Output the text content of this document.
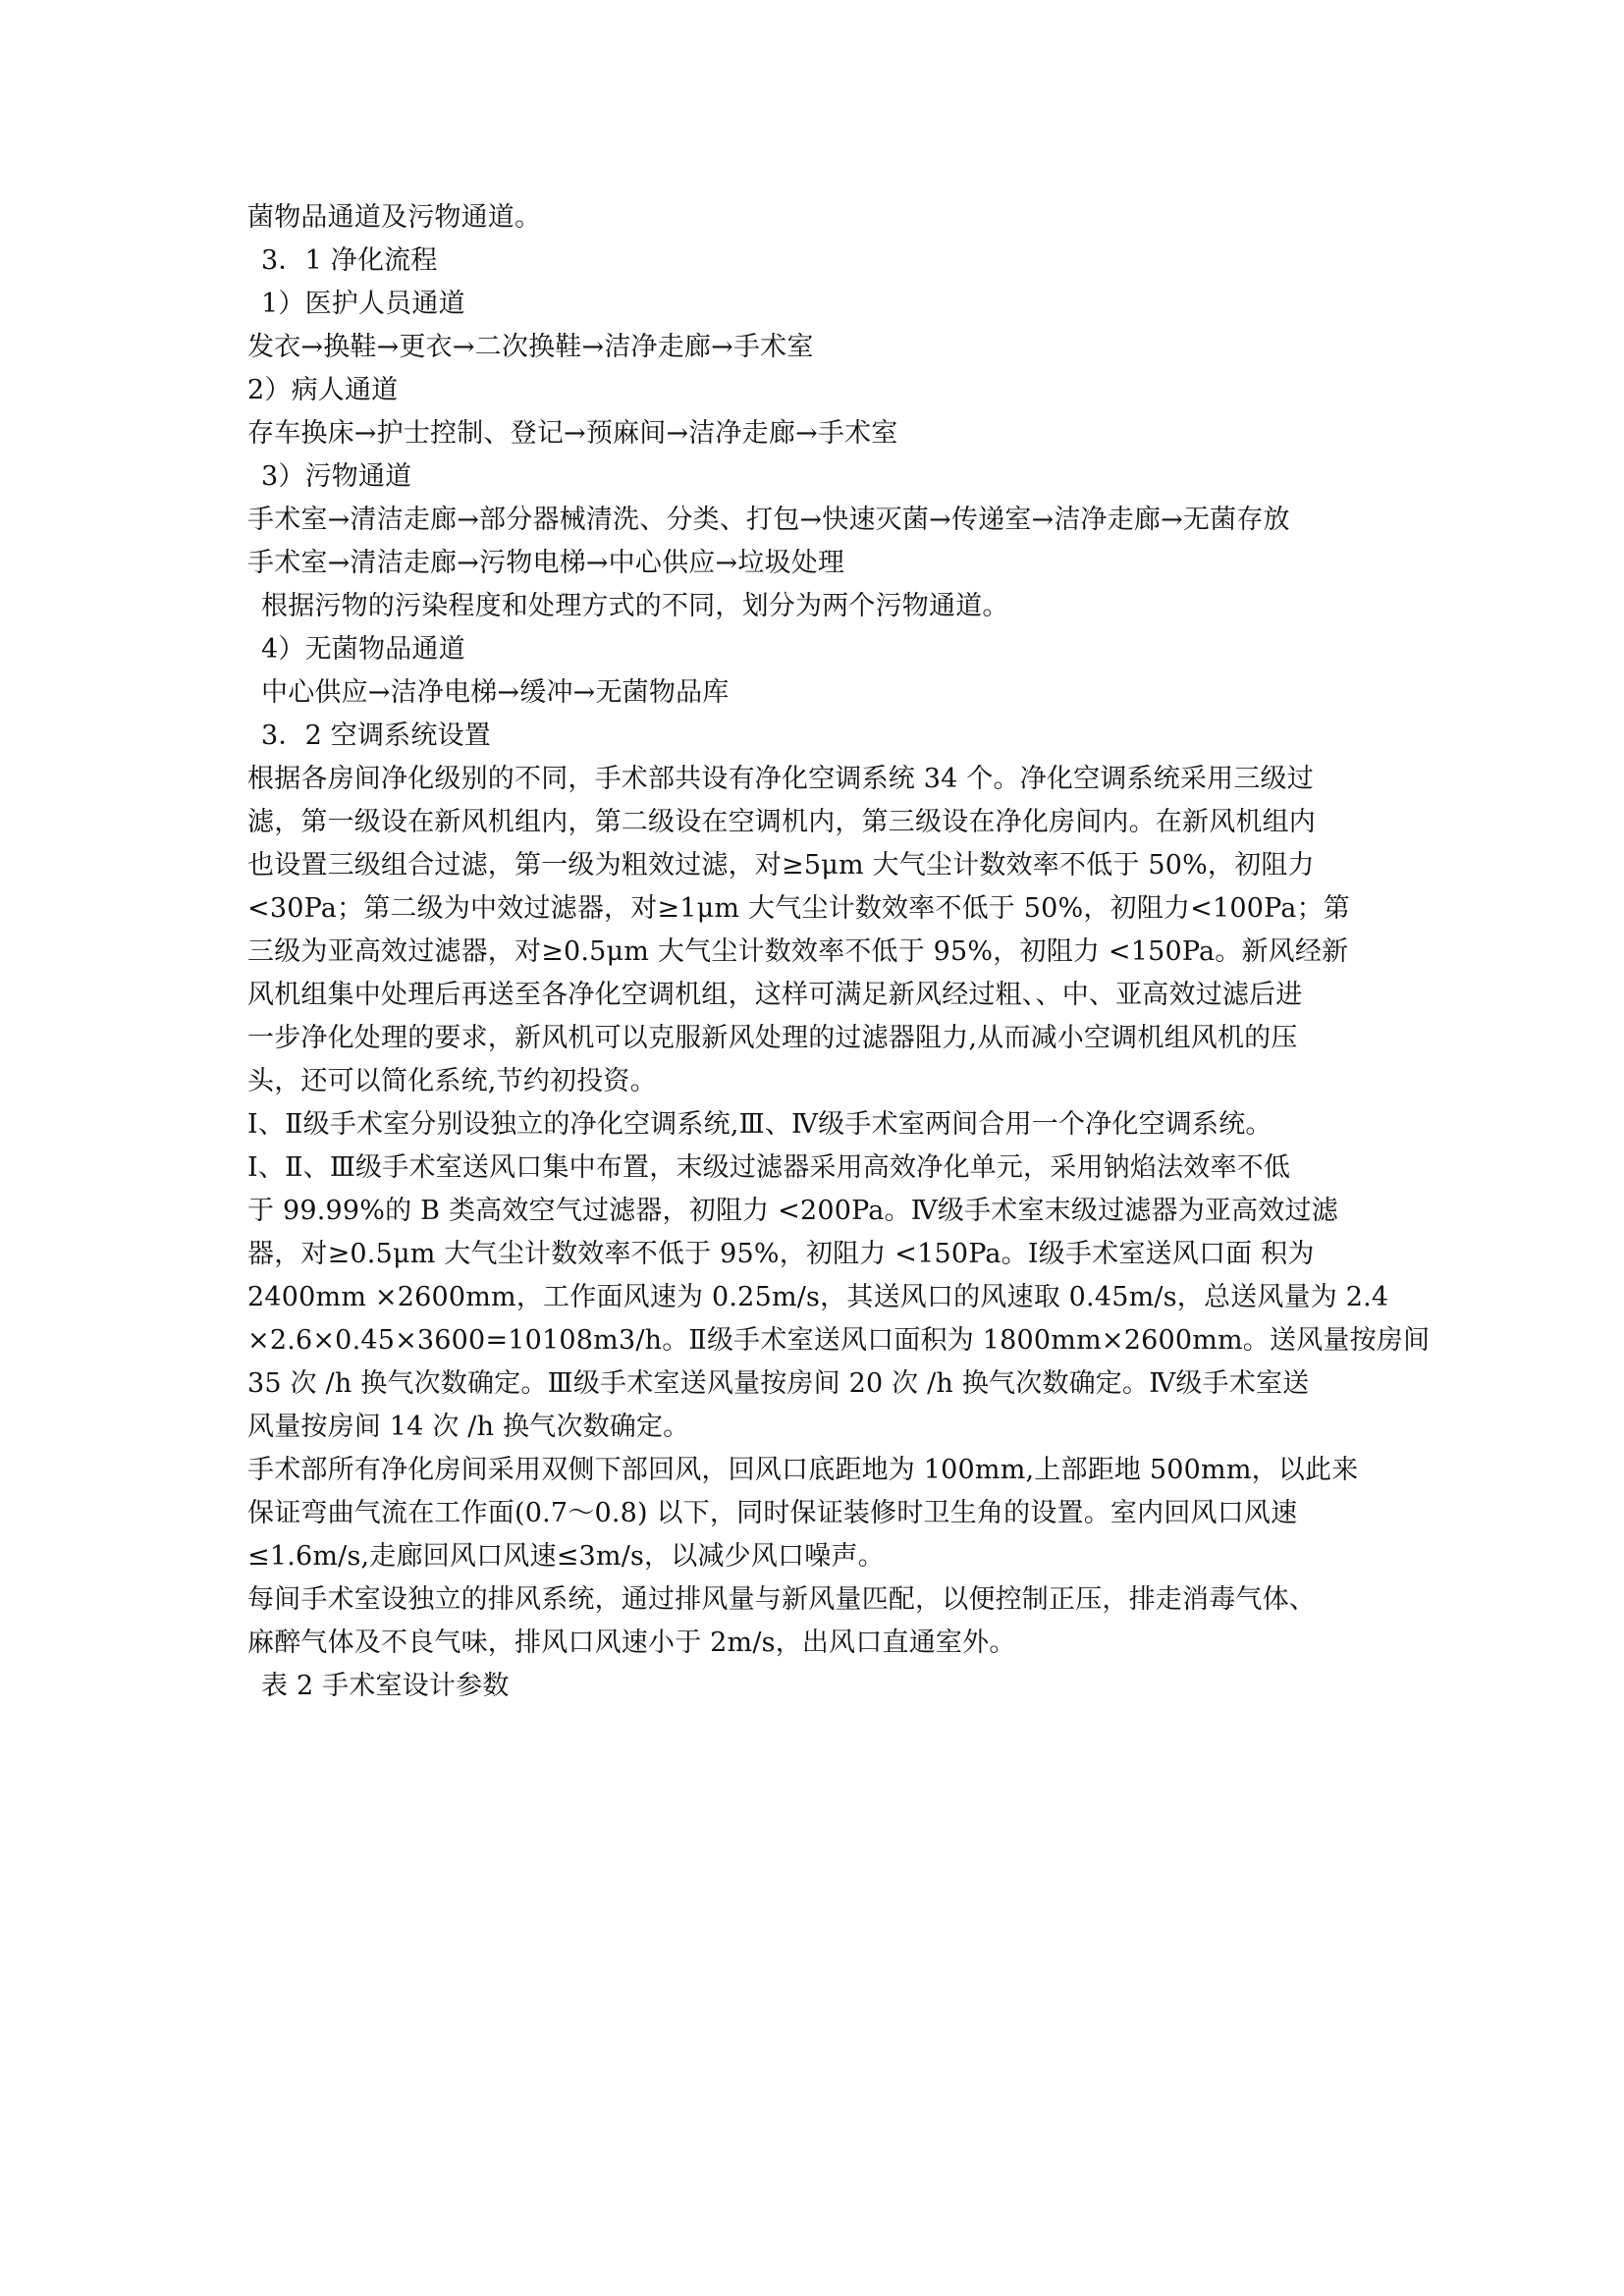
菌物品通道及污物通道。
3．1 净化流程
1）医护人员通道
发衣→换鞋→更衣→二次换鞋→洁净走廊→手术室
2）病人通道
存车换床→护士控制、登记→预麻间→洁净走廊→手术室
3）污物通道
手术室→清洁走廊→部分器械清洗、分类、打包→快速灭菌→传递室→洁净走廊→无菌存放
手术室→清洁走廊→污物电梯→中心供应→垃圾处理
根据污物的污染程度和处理方式的不同，划分为两个污物通道。
4）无菌物品通道
中心供应→洁净电梯→缓冲→无菌物品库
3．2 空调系统设置
根据各房间净化级别的不同，手术部共设有净化空调系统 34 个。净化空调系统采用三级过
滤，第一级设在新风机组内，第二级设在空调机内，第三级设在净化房间内。在新风机组内
也设置三级组合过滤，第一级为粗效过滤，对≥5μm 大气尘计数效率不低于 50%，初阻力
<30Pa；第二级为中效过滤器，对≥1μm 大气尘计数效率不低于 50%，初阻力<100Pa；第
三级为亚高效过滤器，对≥0.5μm 大气尘计数效率不低于 95%，初阻力 <150Pa。新风经新
风机组集中处理后再送至各净化空调机组，这样可满足新风经过粗、、中、亚高效过滤后进
一步净化处理的要求，新风机可以克服新风处理的过滤器阻力,从而减小空调机组风机的压
头，还可以简化系统,节约初投资。
Ⅰ、Ⅱ级手术室分别设独立的净化空调系统,Ⅲ、Ⅳ级手术室两间合用一个净化空调系统。
Ⅰ、Ⅱ、Ⅲ级手术室送风口集中布置，末级过滤器采用高效净化单元，采用钠焰法效率不低
于 99.99%的 B 类高效空气过滤器，初阻力 <200Pa。Ⅳ级手术室末级过滤器为亚高效过滤
器，对≥0.5μm 大气尘计数效率不低于 95%，初阻力 <150Pa。Ⅰ级手术室送风口面 积为
2400mm ×2600mm，工作面风速为 0.25m/s，其送风口的风速取 0.45m/s，总送风量为 2.4
×2.6×0.45×3600=10108m3/h。Ⅱ级手术室送风口面积为 1800mm×2600mm。送风量按房间
35 次 /h 换气次数确定。Ⅲ级手术室送风量按房间 20 次 /h 换气次数确定。Ⅳ级手术室送
风量按房间 14 次 /h 换气次数确定。
手术部所有净化房间采用双侧下部回风，回风口底距地为 100mm,上部距地 500mm，以此来
保证弯曲气流在工作面(0.7～0.8) 以下，同时保证装修时卫生角的设置。室内回风口风速
≤1.6m/s,走廊回风口风速≤3m/s，以减少风口噪声。
每间手术室设独立的排风系统，通过排风量与新风量匹配，以便控制正压，排走消毒气体、
麻醉气体及不良气味，排风口风速小于 2m/s，出风口直通室外。
表 2 手术室设计参数
